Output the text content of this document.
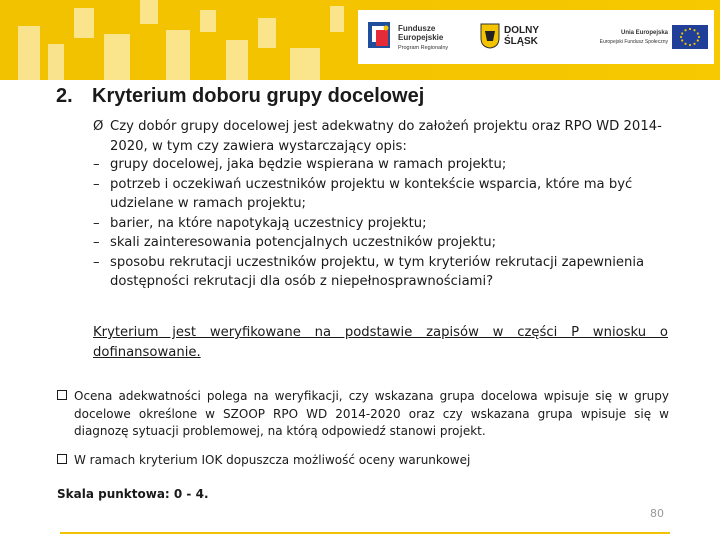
Fundusze
Europejskie
Program Regionalny
DOLNY
ŚLĄSK
Unia Europejska
Europejski Fundusz Społeczny
2. Kryterium doboru grupy docelowej
Ø Czy dobór grupy docelowej jest adekwatny do założeń projektu oraz RPO WD 2014-2020, w tym czy zawiera wystarczający opis:
– grupy docelowej, jaka będzie wspierana w ramach projektu;
– potrzeb i oczekiwań uczestników projektu w kontekście wsparcia, które ma być udzielane w ramach projektu;
– barier, na które napotykają uczestnicy projektu;
– skali zainteresowania potencjalnych uczestników projektu;
– sposobu rekrutacji uczestników projektu, w tym kryteriów rekrutacji zapewnienia dostępności rekrutacji dla osób z niepełnosprawnościami?
Kryterium jest weryfikowane na podstawie zapisów w części P wniosku o dofinansowanie.
Ocena adekwatności polega na weryfikacji, czy wskazana grupa docelowa wpisuje się w grupy docelowe określone w SZOOP RPO WD 2014-2020 oraz czy wskazana grupa wpisuje się w diagnozę sytuacji problemowej, na którą odpowiedź stanowi projekt.
W ramach kryterium IOK dopuszcza możliwość oceny warunkowej
Skala punktowa: 0 - 4.
80
